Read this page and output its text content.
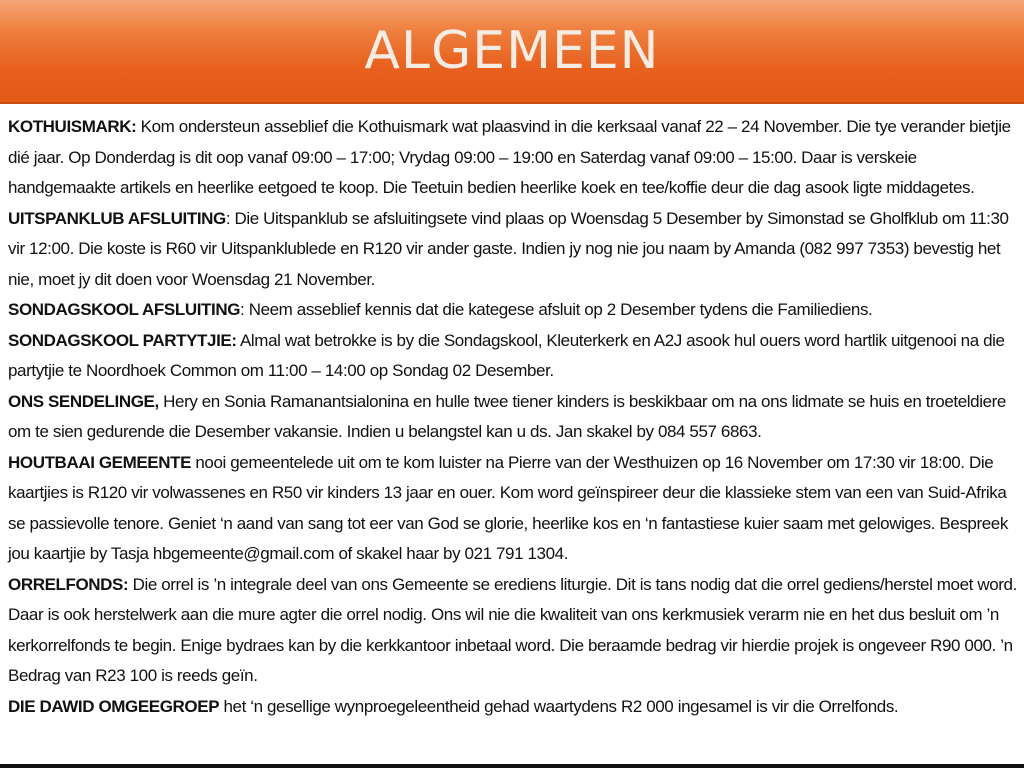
ALGEMEEN

KOTHUISMARK: Kom ondersteun asseblief die Kothuismark wat plaasvind in die kerksaal vanaf 22 – 24 November. Die tye verander bietjie dié jaar. Op Donderdag is dit oop vanaf 09:00 – 17:00; Vrydag 09:00 – 19:00 en Saterdag vanaf 09:00 – 15:00. Daar is verskeie handgemaakte artikels en heerlike eetgoed te koop. Die Teetuin bedien heerlike koek en tee/koffie deur die dag asook ligte middagetes.

UITSPANKLUB AFSLUITING: Die Uitspanklub se afsluitingsete vind plaas op Woensdag 5 Desember by Simonstad se Gholfklub om 11:30 vir 12:00. Die koste is R60 vir Uitspanklublede en R120 vir ander gaste. Indien jy nog nie jou naam by Amanda (082 997 7353) bevestig het nie, moet jy dit doen voor Woensdag 21 November.

SONDAGSKOOL AFSLUITING: Neem asseblief kennis dat die kategese afsluit op 2 Desember tydens die Familiediens.

SONDAGSKOOL PARTYTJIE: Almal wat betrokke is by die Sondagskool, Kleuterkerk en A2J asook hul ouers word hartlik uitgenooi na die partytjie te Noordhoek Common om 11:00 – 14:00 op Sondag 02 Desember.

ONS SENDELINGE, Hery en Sonia Ramanantsialonina en hulle twee tiener kinders is beskikbaar om na ons lidmate se huis en troeteldiere om te sien gedurende die Desember vakansie. Indien u belangstel kan u ds. Jan skakel by 084 557 6863.

HOUTBAAI GEMEENTE nooi gemeentelede uit om te kom luister na Pierre van der Westhuizen op 16 November om 17:30 vir 18:00. Die kaartjies is R120 vir volwassenes en R50 vir kinders 13 jaar en ouer. Kom word geïnspireer deur die klassieke stem van een van Suid-Afrika se passievolle tenore. Geniet ‘n aand van sang tot eer van God se glorie, heerlike kos en ‘n fantastiese kuier saam met gelowiges. Bespreek jou kaartjie by Tasja hbgemeente@gmail.com of skakel haar by 021 791 1304.

ORRELFONDS: Die orrel is ’n integrale deel van ons Gemeente se erediens liturgie. Dit is tans nodig dat die orrel gediens/herstel moet word. Daar is ook herstelwerk aan die mure agter die orrel nodig. Ons wil nie die kwaliteit van ons kerkmusiek verarm nie en het dus besluit om ’n kerkorrelfonds te begin. Enige bydraes kan by die kerkkantoor inbetaal word. Die beraamde bedrag vir hierdie projek is ongeveer R90 000. ’n Bedrag van R23 100 is reeds geïn.

DIE DAWID OMGEEGROEP het ‘n gesellige wynproegeleentheid gehad waartydens R2 000 ingesamel is vir die Orrelfonds.
